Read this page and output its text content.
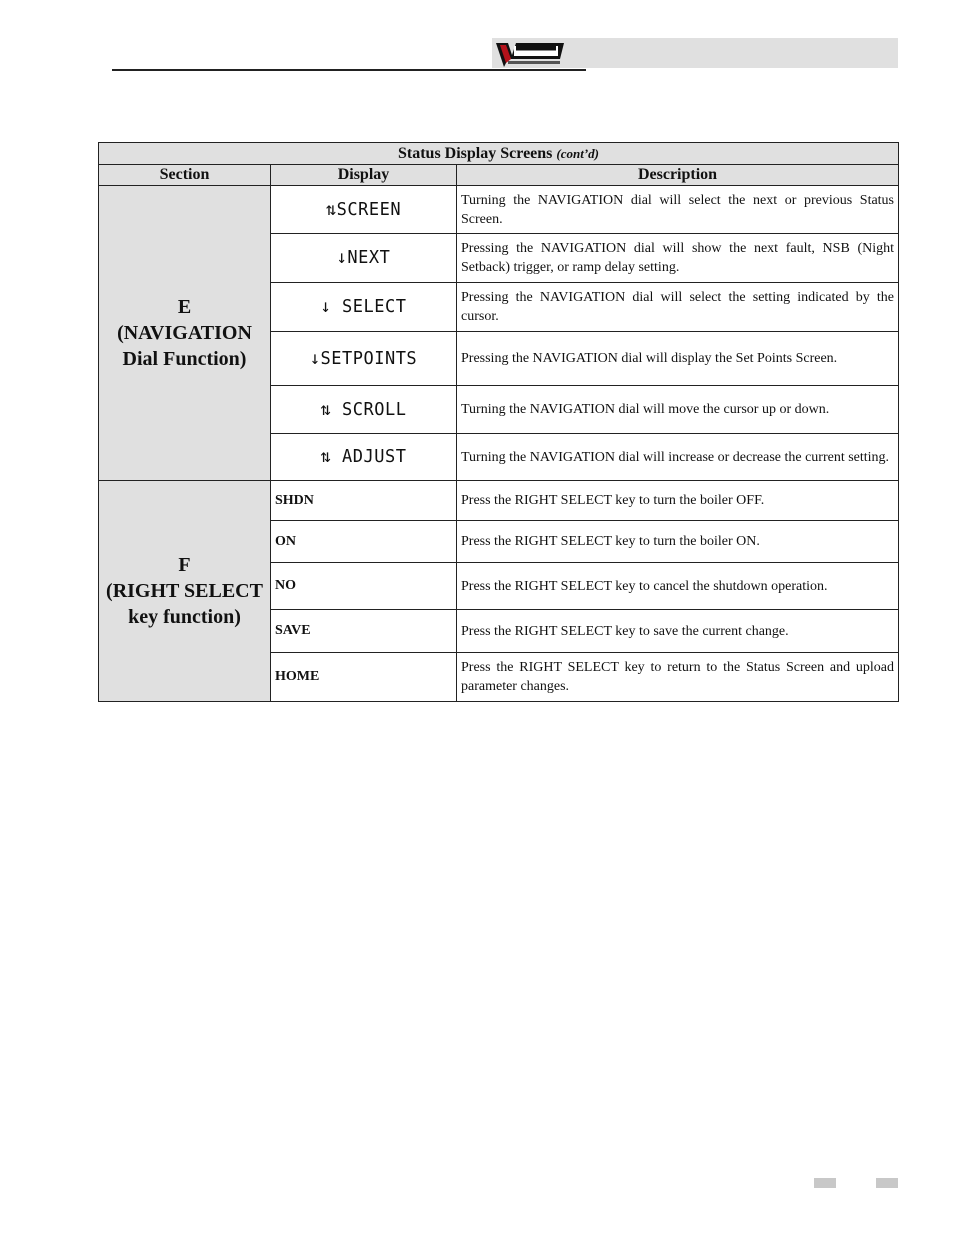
Status Display Screens (cont’d)		
Section	Display	Description

E
(NAVIGATION
Dial Function)	⇅SCREEN	Turning the NAVIGATION dial will select the next or previous Status Screen.
	↓NEXT	Pressing the NAVIGATION dial will show the next fault, NSB (Night Setback) trigger, or ramp delay setting.
	↓ SELECT	Pressing the NAVIGATION dial will select the setting indicated by the cursor.
	↓SETPOINTS	Pressing the NAVIGATION dial will display the Set Points Screen.
	⇅ SCROLL	Turning the NAVIGATION dial will move the cursor up or down.
	⇅ ADJUST	Turning the NAVIGATION dial will increase or decrease the current setting.

F
(RIGHT SELECT
key function)	SHDN	Press the RIGHT SELECT key to turn the boiler OFF.
	ON	Press the RIGHT SELECT key to turn the boiler ON.
	NO	Press the RIGHT SELECT key to cancel the shutdown operation.
	SAVE	Press the RIGHT SELECT key to save the current change.
	HOME	Press the RIGHT SELECT key to return to the Status Screen and upload parameter changes.
